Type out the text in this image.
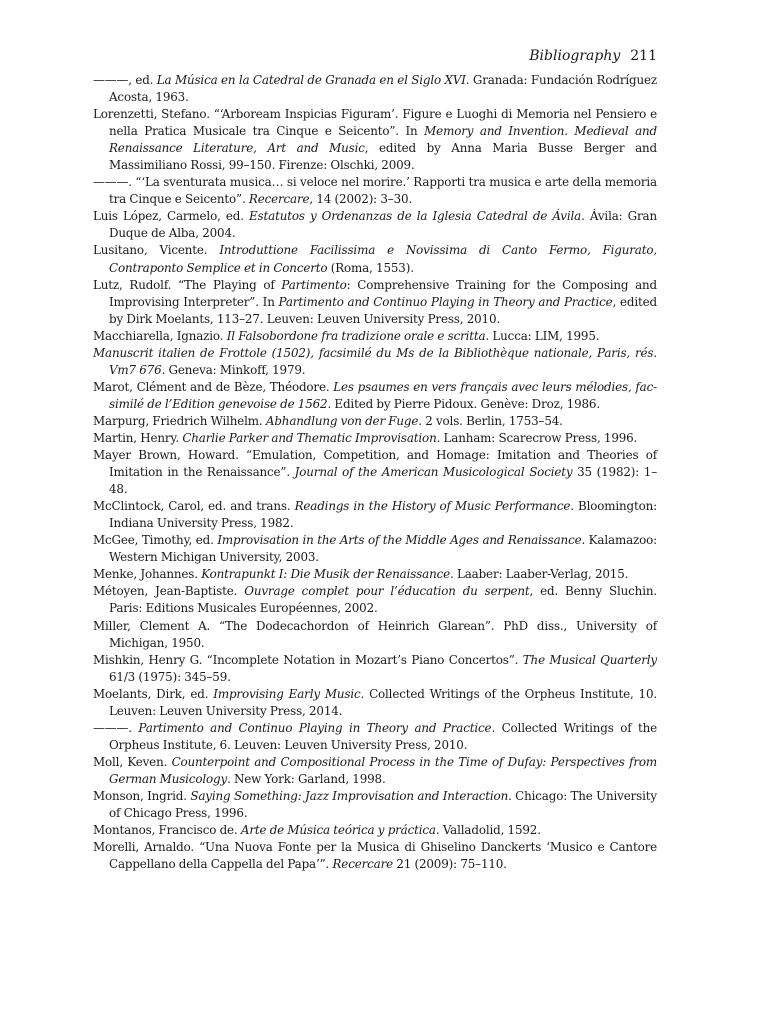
Bibliography 211
———, ed. La Música en la Catedral de Granada en el Siglo XVI. Granada: Fundación Rodríguez Acosta, 1963.
Lorenzetti, Stefano. “‘Arboream Inspicias Figuram’. Figure e Luoghi di Memoria nel Pensiero e nella Pratica Musicale tra Cinque e Seicento”. In Memory and Invention. Medieval and Renaissance Literature, Art and Music, edited by Anna Maria Busse Berger and Massimiliano Rossi, 99–150. Firenze: Olschki, 2009.
———. “‘La sventurata musica… si veloce nel morire.’ Rapporti tra musica e arte della memoria tra Cinque e Seicento”. Recercare, 14 (2002): 3–30.
Luis López, Carmelo, ed. Estatutos y Ordenanzas de la Iglesia Catedral de Ávila. Ávila: Gran Duque de Alba, 2004.
Lusitano, Vicente. Introduttione Facilissima e Novissima di Canto Fermo, Figurato, Contraponto Semplice et in Concerto (Roma, 1553).
Lutz, Rudolf. “The Playing of Partimento: Comprehensive Training for the Composing and Improvising Interpreter”. In Partimento and Continuo Playing in Theory and Practice, edited by Dirk Moelants, 113–27. Leuven: Leuven University Press, 2010.
Macchiarella, Ignazio. Il Falsobordone fra tradizione orale e scritta. Lucca: LIM, 1995.
Manuscrit italien de Frottole (1502), facsimilé du Ms de la Bibliothèque nationale, Paris, rés. Vm7 676. Geneva: Minkoff, 1979.
Marot, Clément and de Bèze, Théodore. Les psaumes en vers français avec leurs mélodies, fac-similé de l’Edition genevoise de 1562. Edited by Pierre Pidoux. Genève: Droz, 1986.
Marpurg, Friedrich Wilhelm. Abhandlung von der Fuge. 2 vols. Berlin, 1753–54.
Martin, Henry. Charlie Parker and Thematic Improvisation. Lanham: Scarecrow Press, 1996.
Mayer Brown, Howard. “Emulation, Competition, and Homage: Imitation and Theories of Imitation in the Renaissance”. Journal of the American Musicological Society 35 (1982): 1–48.
McClintock, Carol, ed. and trans. Readings in the History of Music Performance. Bloomington: Indiana University Press, 1982.
McGee, Timothy, ed. Improvisation in the Arts of the Middle Ages and Renaissance. Kalamazoo: Western Michigan University, 2003.
Menke, Johannes. Kontrapunkt I: Die Musik der Renaissance. Laaber: Laaber-Verlag, 2015.
Métoyen, Jean-Baptiste. Ouvrage complet pour l’éducation du serpent, ed. Benny Sluchin. Paris: Editions Musicales Européennes, 2002.
Miller, Clement A. “The Dodecachordon of Heinrich Glarean”. PhD diss., University of Michigan, 1950.
Mishkin, Henry G. “Incomplete Notation in Mozart’s Piano Concertos”. The Musical Quarterly 61/3 (1975): 345–59.
Moelants, Dirk, ed. Improvising Early Music. Collected Writings of the Orpheus Institute, 10. Leuven: Leuven University Press, 2014.
———. Partimento and Continuo Playing in Theory and Practice. Collected Writings of the Orpheus Institute, 6. Leuven: Leuven University Press, 2010.
Moll, Keven. Counterpoint and Compositional Process in the Time of Dufay: Perspectives from German Musicology. New York: Garland, 1998.
Monson, Ingrid. Saying Something: Jazz Improvisation and Interaction. Chicago: The University of Chicago Press, 1996.
Montanos, Francisco de. Arte de Música teórica y práctica. Valladolid, 1592.
Morelli, Arnaldo. “Una Nuova Fonte per la Musica di Ghiselino Danckerts ‘Musico e Cantore Cappellano della Cappella del Papa’”. Recercare 21 (2009): 75–110.
